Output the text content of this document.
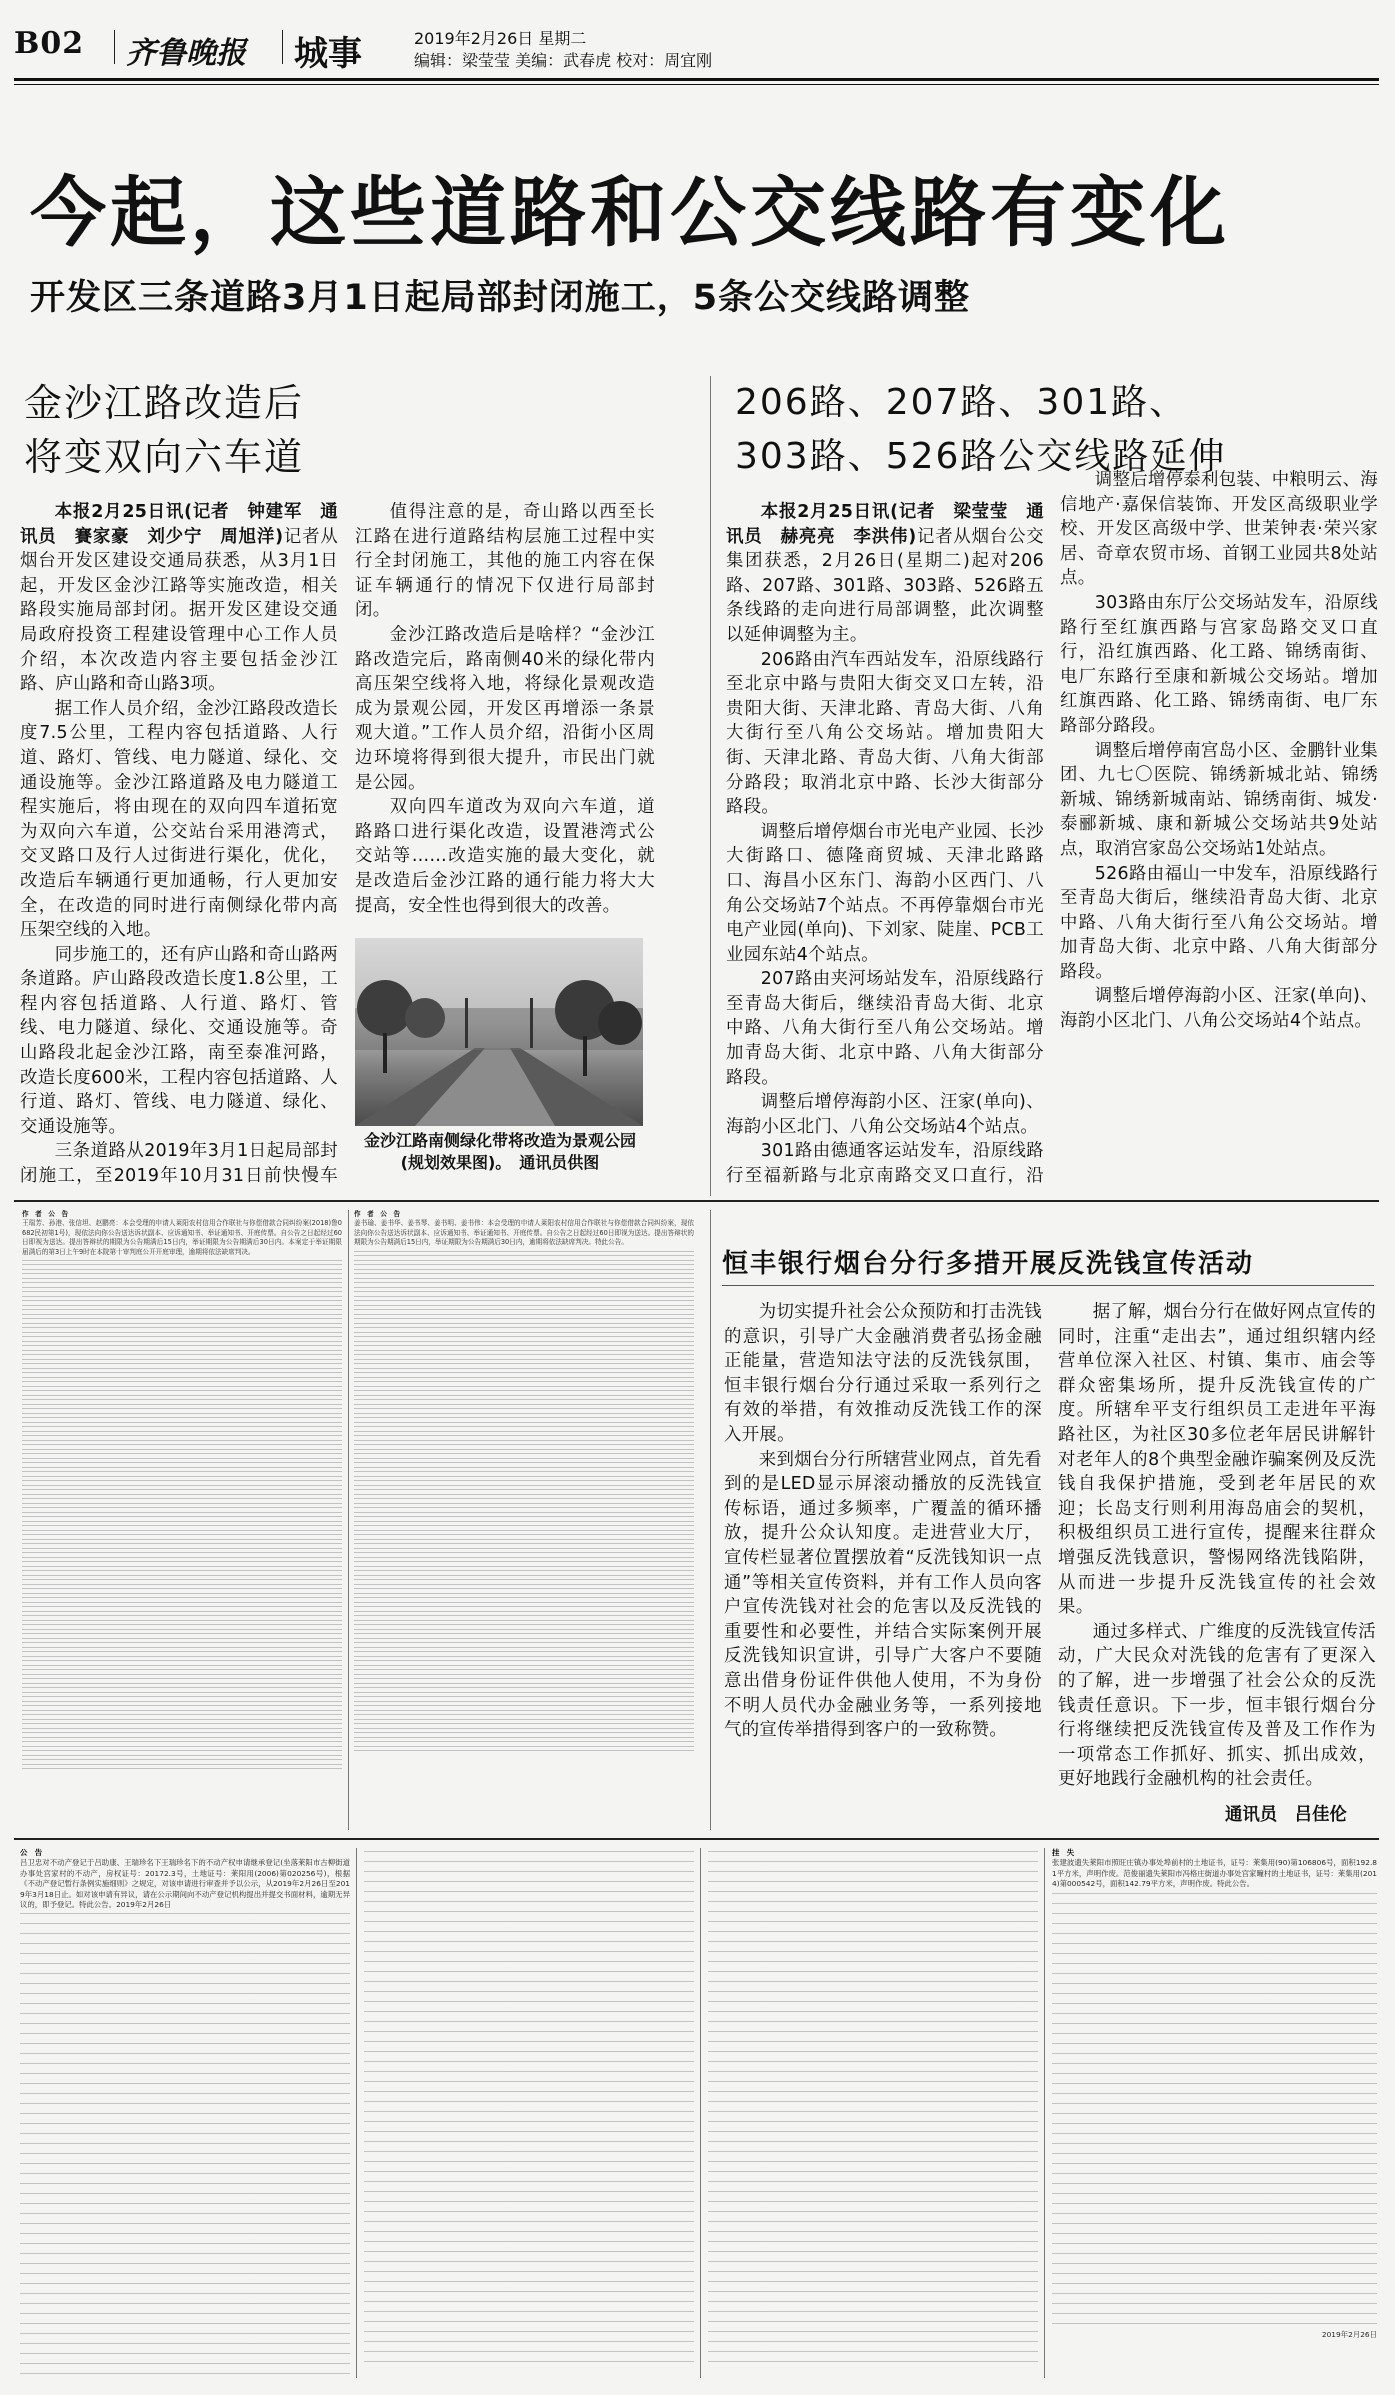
B02 齐鲁晚报 城事	2019年2月26日 星期二
编辑：梁莹莹 美编：武春虎 校对：周宜刚
今起，这些道路和公交线路有变化
开发区三条道路3月1日起局部封闭施工，5条公交线路调整
金沙江路改造后
将变双向六车道

本报2月25日讯(记者　钟建军　通讯员　賽家豪　刘少宁　周旭洋)记者从烟台开发区建设交通局获悉，从3月1日起，开发区金沙江路等实施改造，相关路段实施局部封闭。据开发区建设交通局政府投资工程建设管理中心工作人员介绍，本次改造内容主要包括金沙江路、庐山路和奇山路3项。

据工作人员介绍，金沙江路段改造长度7.5公里，工程内容包括道路、人行道、路灯、管线、电力隧道、绿化、交通设施等。金沙江路道路及电力隧道工程实施后，将由现在的双向四车道拓宽为双向六车道，公交站台采用港湾式，交叉路口及行人过街进行渠化，优化，改造后车辆通行更加通畅，行人更加安全，在改造的同时进行南侧绿化带内高压架空线的入地。

同步施工的，还有庐山路和奇山路两条道路。庐山路段改造长度1.8公里，工程内容包括道路、人行道、路灯、管线、电力隧道、绿化、交通设施等。奇山路段北起金沙江路，南至泰准河路，改造长度600米，工程内容包括道路、人行道、路灯、管线、电力隧道、绿化、交通设施等。

三条道路从2019年3月1日起局部封闭施工，至2019年10月31日前快慢车

值得注意的是，奇山路以西至长江路在进行道路结构层施工过程中实行全封闭施工，其他的施工内容在保证车辆通行的情况下仅进行局部封闭。

金沙江路改造后是啥样？“金沙江路改造完后，路南侧40米的绿化带内高压架空线将入地，将绿化景观改造成为景观公园，开发区再增添一条景观大道。”工作人员介绍，沿街小区周边环境将得到很大提升，市民出门就是公园。

双向四车道改为双向六车道，道路路口进行渠化改造，设置港湾式公交站等……改造实施的最大变化，就是改造后金沙江路的通行能力将大大提高，安全性也得到很大的改善。

金沙江路南侧绿化带将改造为景观公园(规划效果图)。　通讯员供图
206路、207路、301路、
303路、526路公交线路延伸

本报2月25日讯(记者　梁莹莹　通讯员　赫亮亮　李洪伟)记者从烟台公交集团获悉，2月26日(星期二)起对206路、207路、301路、303路、526路五条线路的走向进行局部调整，此次调整以延伸调整为主。

206路由汽车西站发车，沿原线路行至北京中路与贵阳大街交叉口左转，沿贵阳大街、天津北路、青岛大街、八角大街行至八角公交场站。增加贵阳大街、天津北路、青岛大街、八角大街部分路段；取消北京中路、长沙大街部分路段。

调整后增停烟台市光电产业园、长沙大街路口、德隆商贸城、天津北路路口、海昌小区东门、海韵小区西门、八角公交场站7个站点。不再停靠烟台市光电产业园(单向)、下刘家、陡崖、PCB工业园东站4个站点。

207路由夹河场站发车，沿原线路行至青岛大街后，继续沿青岛大街、北京中路、八角大街行至八角公交场站。增加青岛大街、北京中路、八角大街部分路段。

调整后增停海韵小区、汪家(单向)、海韵小区北门、八角公交场站4个站点。

301路由德通客运站发车，沿原线路行至福新路与北京南路交叉口直行，沿

调整后增停泰利包装、中粮明云、海信地产·嘉保信装饰、开发区高级职业学校、开发区高级中学、世茉钟表·荣兴家居、奇章农贸市场、首钢工业园共8处站点。

303路由东厅公交场站发车，沿原线路行至红旗西路与宫家岛路交叉口直行，沿红旗西路、化工路、锦绣南街、电厂东路行至康和新城公交场站。增加红旗西路、化工路、锦绣南街、电厂东路部分路段。

调整后增停南宫岛小区、金鹏针业集团、九七〇医院、锦绣新城北站、锦绣新城、锦绣新城南站、锦绣南街、城发·泰郦新城、康和新城公交场站共9处站点，取消宫家岛公交场站1处站点。

526路由福山一中发车，沿原线路行至青岛大街后，继续沿青岛大街、北京中路、八角大街行至八角公交场站。增加青岛大街、北京中路、八角大街部分路段。

调整后增停海韵小区、汪家(单向)、海韵小区北门、八角公交场站4个站点。

作　者　公　告
王瑞芳、孙港、张信坦、赵鹏亮：本会受理的申请人莱阳农村信用合作联社与你偿借款合同纠纷案(2018)鲁0682民初第1号)，现依法向你公告送达诉状副本、应诉通知书、举证通知书、开庭传票。自公告之日起经过60日即视为送达。提出答辩状的期限为公告期满后15日内，举证期限为公告期满后30日内。本案定于举证期限届满后的第3日上午9时在本院第十审判庭公开开庭审理，逾期将依法缺席判决。
作　者　公　告
姜书瑜、姜书华、姜书琴、姜书明、姜书伟：本会受理的申请人莱阳农村信用合作联社与你偿借款合同纠纷案，现依法向你公告送达诉状副本、应诉通知书、举证通知书、开庭传票。自公告之日起经过60日即视为送达。提出答辩状的期限为公告期满后15日内，举证期限为公告期满后30日内，逾期将依法缺席判决。特此公告。
恒丰银行烟台分行多措开展反洗钱宣传活动

为切实提升社会公众预防和打击洗钱的意识，引导广大金融消费者弘扬金融正能量，营造知法守法的反洗钱氛围，恒丰银行烟台分行通过采取一系列行之有效的举措，有效推动反洗钱工作的深入开展。

来到烟台分行所辖营业网点，首先看到的是LED显示屏滚动播放的反洗钱宣传标语，通过多频率，广覆盖的循环播放，提升公众认知度。走进营业大厅，宣传栏显著位置摆放着“反洗钱知识一点通”等相关宣传资料，并有工作人员向客户宣传洗钱对社会的危害以及反洗钱的重要性和必要性，并结合实际案例开展反洗钱知识宣讲，引导广大客户不要随意出借身份证件供他人使用，不为身份不明人员代办金融业务等，一系列接地气的宣传举措得到客户的一致称赞。

据了解，烟台分行在做好网点宣传的同时，注重“走出去”，通过组织辖内经营单位深入社区、村镇、集市、庙会等群众密集场所，提升反洗钱宣传的广度。所辖牟平支行组织员工走进年平海路社区，为社区30多位老年居民讲解针对老年人的8个典型金融诈骗案例及反洗钱自我保护措施，受到老年居民的欢迎；长岛支行则利用海岛庙会的契机，积极组织员工进行宣传，提醒来往群众增强反洗钱意识，警惕网络洗钱陷阱，从而进一步提升反洗钱宣传的社会效果。

通过多样式、广维度的反洗钱宣传活动，广大民众对洗钱的危害有了更深入的了解，进一步增强了社会公众的反洗钱责任意识。下一步，恒丰银行烟台分行将继续把反洗钱宣传及普及工作作为一项常态工作抓好、抓实、抓出成效，更好地践行金融机构的社会责任。

通讯员　吕佳伦
公　告
吕卫忠对不动产登记于吕助康、王瑞珍名下王瑞珍名下的不动产权申请继承登记(坐落莱阳市古柳街道办事处宫家村的不动产，房权证号：20172.3号，土地证号：莱阳用(2006)第020256号)，根据《不动产登记暂行条例实施细则》之规定，对该申请进行审查并予以公示，从2019年2月26日至2019年3月18日止。如对该申请有异议，请在公示期间向不动产登记机构提出并提交书面材料，逾期无异议的，即予登记。特此公告。2019年2月26日
挂　失
张建波遗失莱阳市照旺庄镇办事处埠前村的土地证书，证号：莱集用(90)第106806号，面积192.81平方米，声明作废。范俊丽遗失莱阳市冯格庄街道办事处宫家疃村的土地证书，证号：莱集用(2014)第000542号，面积142.79平方米，声明作废。特此公告。
2019年2月26日
